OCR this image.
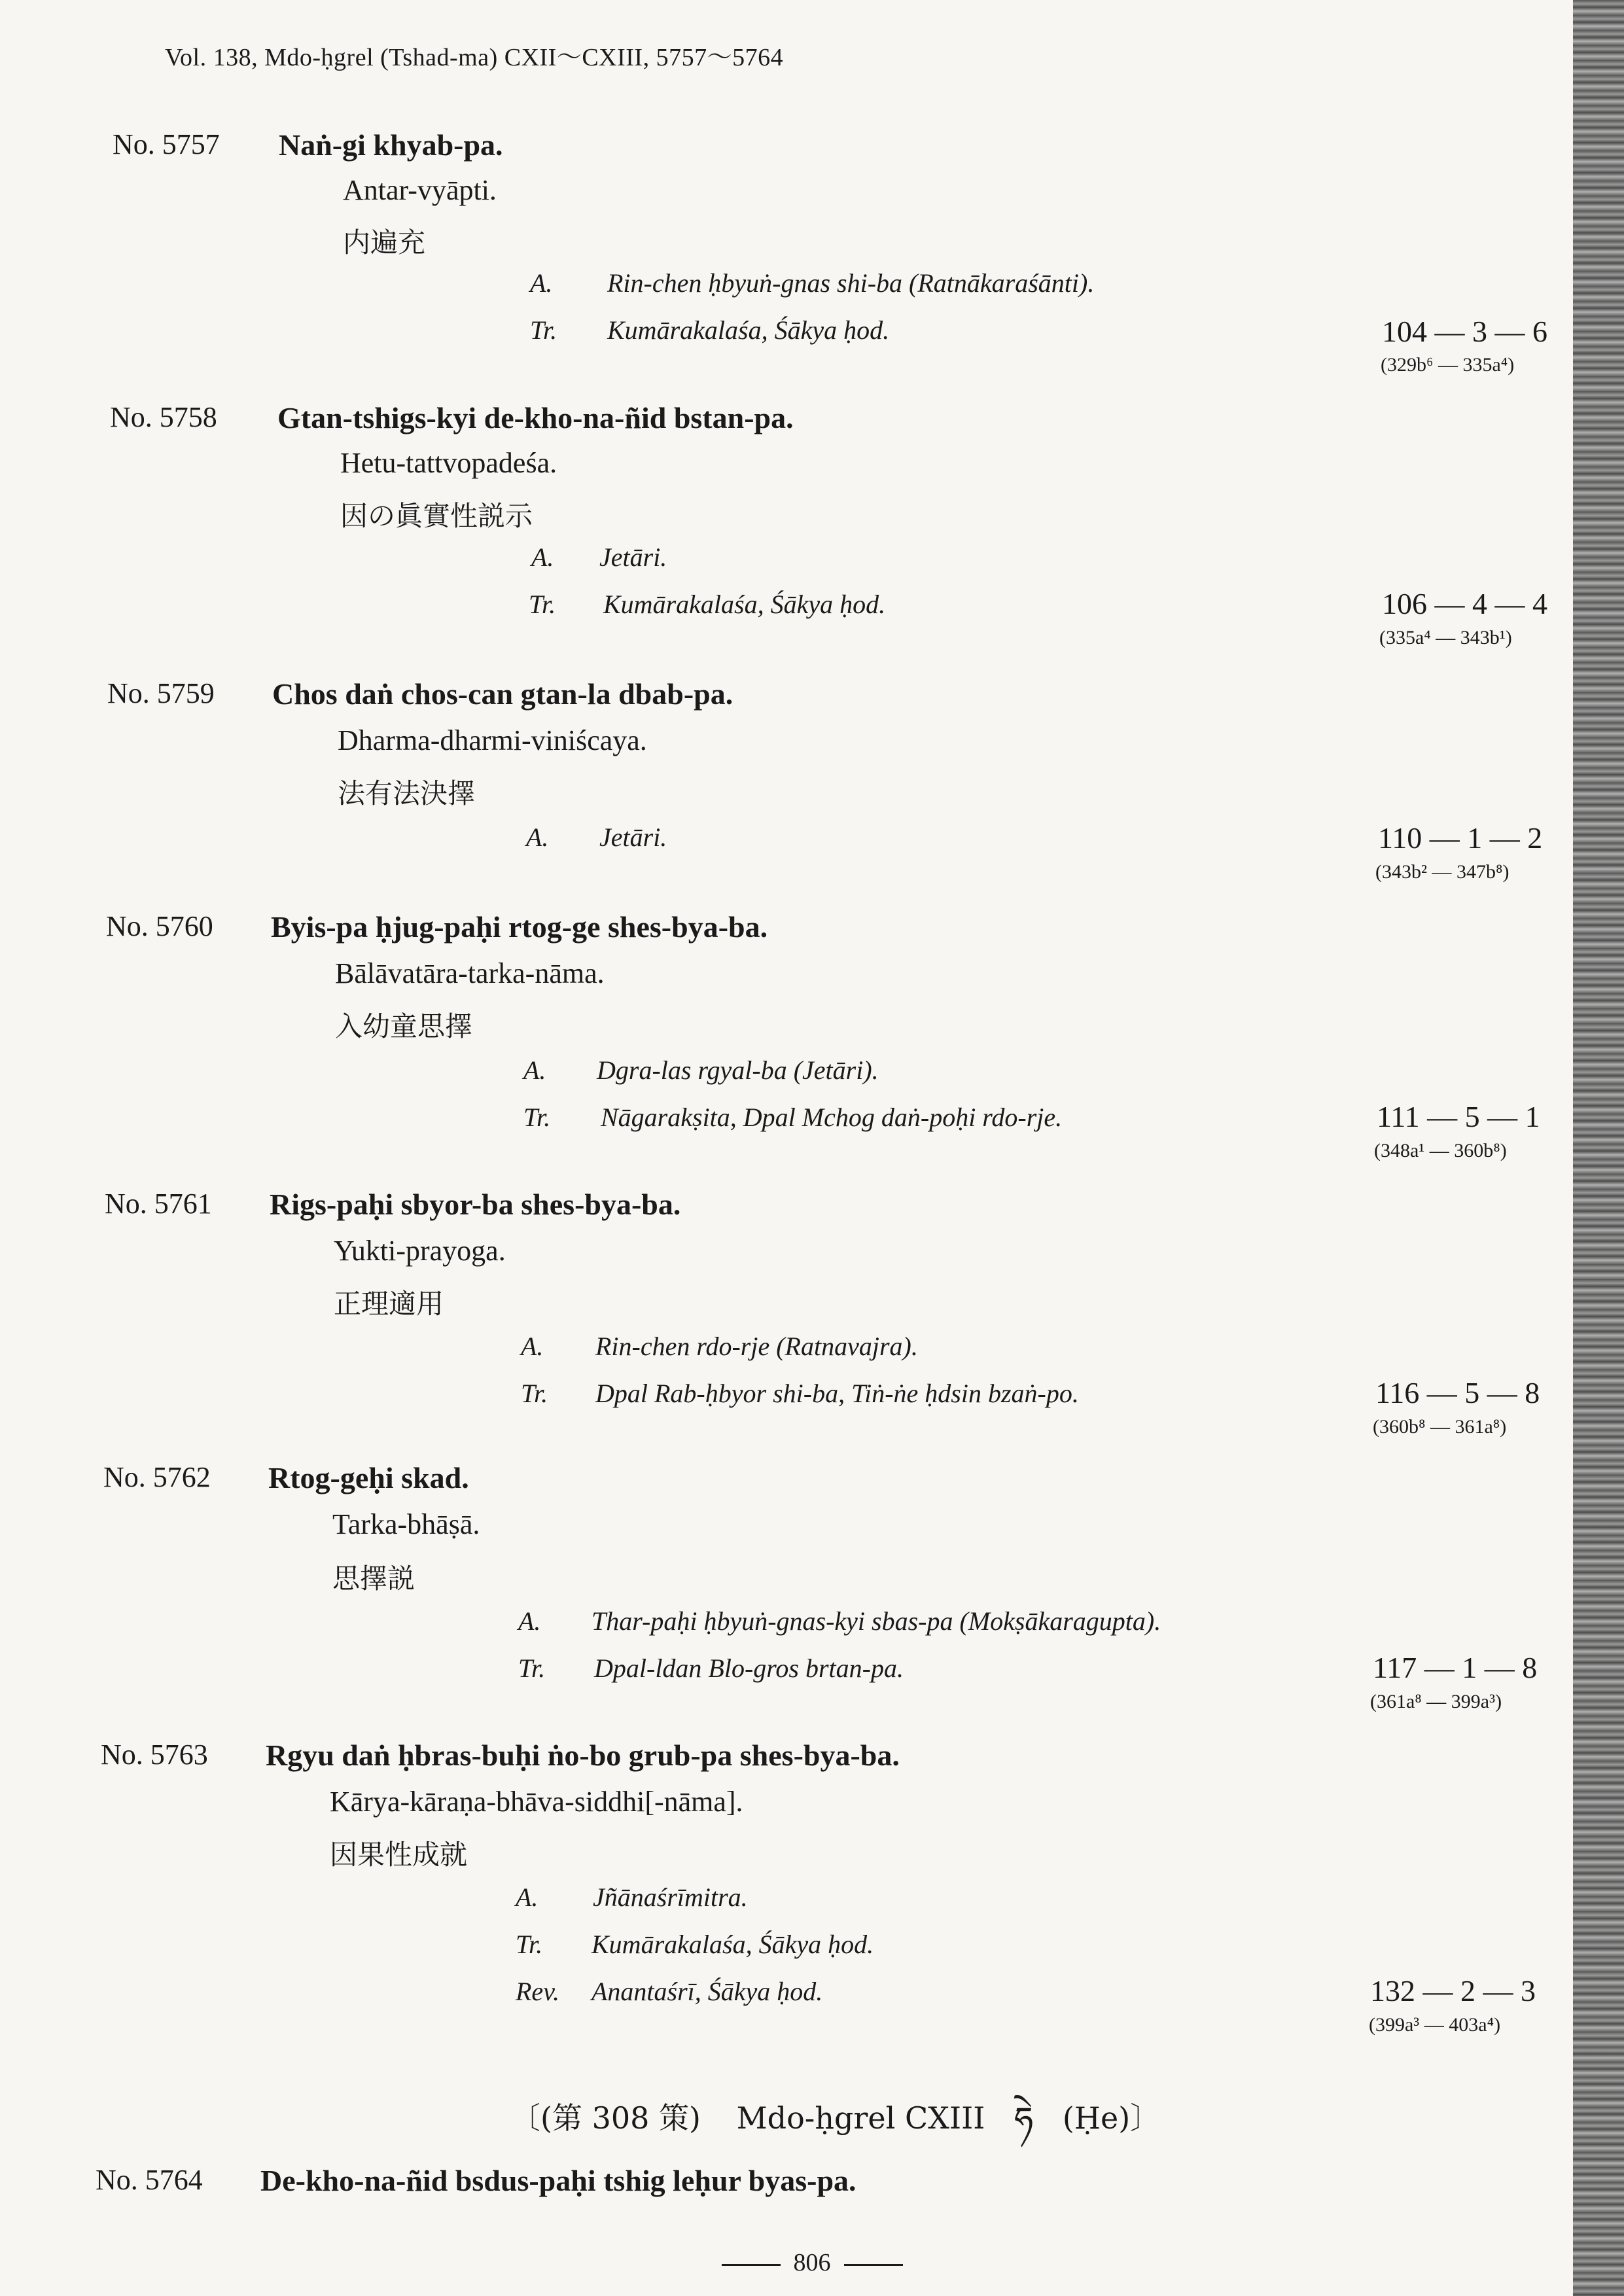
Vol. 138, Mdo-ḥgrel (Tshad-ma) CXII～CXIII, 5757～5764
No. 5757 Naṅ-gi khyab-pa.
Antar-vyāpti.
内遍充
A. Rin-chen ḥbyuṅ-gnas shi-ba (Ratnākaraśānti).
Tr. Kumārakalaśa, Śākya ḥod.	104 — 3 — 6
(329b⁶ — 335a⁴)
No. 5758 Gtan-tshigs-kyi de-kho-na-ñid bstan-pa.
Hetu-tattvopadeśa.
因の眞實性説示
A. Jetāri.
Tr. Kumārakalaśa, Śākya ḥod.	106 — 4 — 4
(335a⁴ — 343b¹)
No. 5759 Chos daṅ chos-can gtan-la dbab-pa.
Dharma-dharmi-viniścaya.
法有法決擇
A. Jetāri.	110 — 1 — 2
(343b² — 347b⁸)
No. 5760 Byis-pa ḥjug-paḥi rtog-ge shes-bya-ba.
Bālāvatāra-tarka-nāma.
入幼童思擇
A. Dgra-las rgyal-ba (Jetāri).
Tr. Nāgarakṣita, Dpal Mchog daṅ-poḥi rdo-rje.	111 — 5 — 1
(348a¹ — 360b⁸)
No. 5761 Rigs-paḥi sbyor-ba shes-bya-ba.
Yukti-prayoga.
正理適用
A. Rin-chen rdo-rje (Ratnavajra).
Tr. Dpal Rab-ḥbyor shi-ba, Tiṅ-ṅe ḥdsin bzaṅ-po.	116 — 5 — 8
(360b⁸ — 361a⁸)
No. 5762 Rtog-geḥi skad.
Tarka-bhāṣā.
思擇説
A. Thar-paḥi ḥbyuṅ-gnas-kyi sbas-pa (Mokṣākaragupta).
Tr. Dpal-ldan Blo-gros brtan-pa.	117 — 1 — 8
(361a⁸ — 399a³)
No. 5763 Rgyu daṅ ḥbras-buḥi ṅo-bo grub-pa shes-bya-ba.
Kārya-kāraṇa-bhāva-siddhi[-nāma].
因果性成就
A. Jñānaśrīmitra.
Tr. Kumārakalaśa, Śākya ḥod.
Rev. Anantaśrī, Śākya ḥod.	132 — 2 — 3
(399a³ — 403a⁴)
〔(第 308 策) Mdo-ḥgrel CXIII ཧེ (Ḥe)〕
No. 5764 De-kho-na-ñid bsdus-paḥi tshig leḥur byas-pa.
806
